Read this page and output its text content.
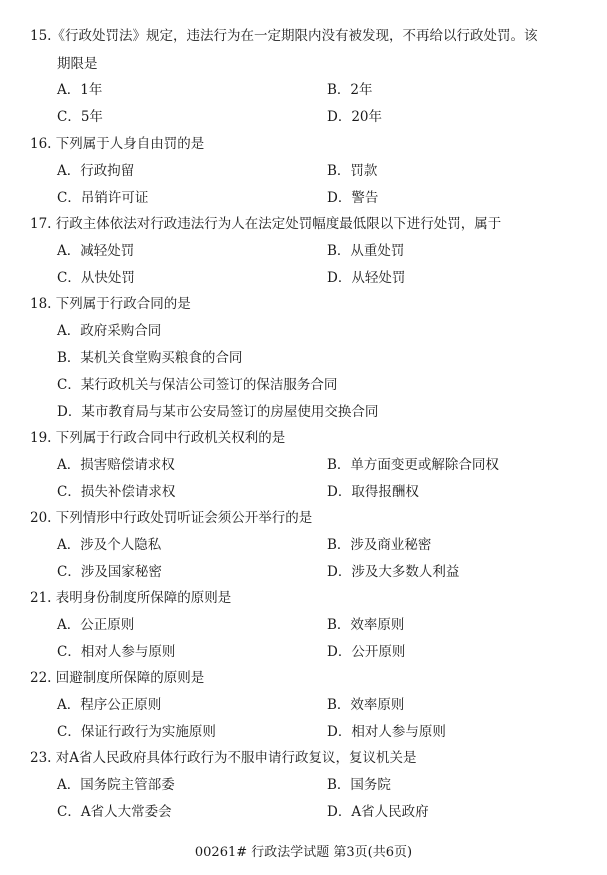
15.《行政处罚法》规定，违法行为在一定期限内没有被发现，不再给以行政处罚。该
期限是
A．1年	B．2年
C．5年	D．20年
16. 下列属于人身自由罚的是
A．行政拘留	B．罚款
C．吊销许可证	D．警告
17. 行政主体依法对行政违法行为人在法定处罚幅度最低限以下进行处罚，属于
A．减轻处罚	B．从重处罚
C．从快处罚	D．从轻处罚
18. 下列属于行政合同的是
A．政府采购合同
B．某机关食堂购买粮食的合同
C．某行政机关与保洁公司签订的保洁服务合同
D．某市教育局与某市公安局签订的房屋使用交换合同
19. 下列属于行政合同中行政机关权利的是
A．损害赔偿请求权	B．单方面变更或解除合同权
C．损失补偿请求权	D．取得报酬权
20. 下列情形中行政处罚听证会须公开举行的是
A．涉及个人隐私	B．涉及商业秘密
C．涉及国家秘密	D．涉及大多数人利益
21. 表明身份制度所保障的原则是
A．公正原则	B．效率原则
C．相对人参与原则	D．公开原则
22. 回避制度所保障的原则是
A．程序公正原则	B．效率原则
C．保证行政行为实施原则	D．相对人参与原则
23. 对A省人民政府具体行政行为不服申请行政复议，复议机关是
A．国务院主管部委	B．国务院
C．A省人大常委会	D．A省人民政府
00261# 行政法学试题 第3页(共6页)
